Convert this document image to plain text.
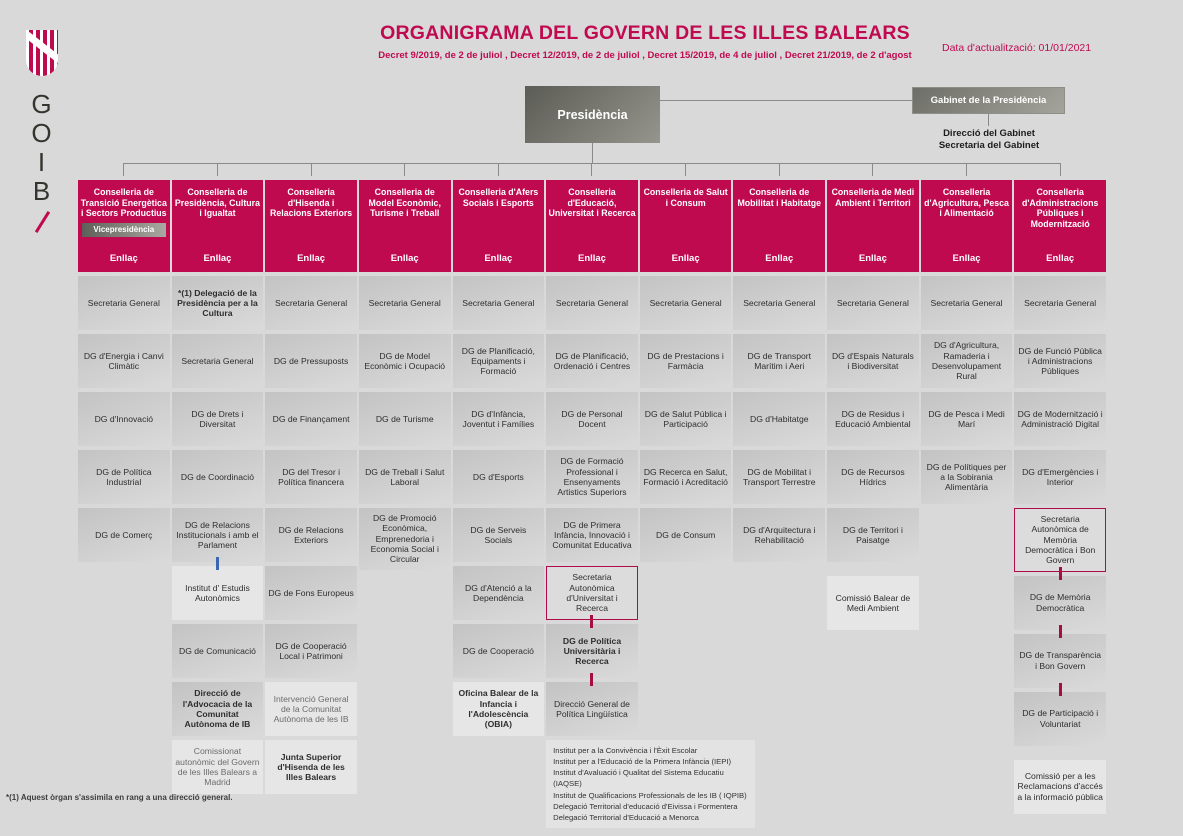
G
O
I
B
ORGANIGRAMA DEL GOVERN DE LES ILLES BALEARS
Decret 9/2019, de 2 de juliol , Decret 12/2019, de 2 de juliol , Decret 15/2019, de 4 de juliol , Decret 21/2019, de 2 d'agost
Data d'actualització: 01/01/2021
Presidència
Gabinet de la Presidència
Direcció del Gabinet
Secretaria del Gabinet
Conselleria de Transició Energètica i Sectors Productius
Vicepresidència
Enllaç
Secretaria General
DG d'Energia i Canvi Climàtic
DG d'Innovació
DG de Política Industrial
DG de Comerç
Conselleria de Presidència, Cultura i Igualtat
Enllaç
*(1) Delegació de la Presidència per a la Cultura
Secretaria General
DG de Drets i Diversitat
DG de Coordinació
DG de Relacions Institucionals i amb el Parlament
Institut d' Estudis Autonòmics
DG de Comunicació
Direcció de l'Advocacia de la Comunitat Autònoma de IB
Comissionat autonòmic del Govern de les Illes Balears a Madrid
Conselleria d'Hisenda i Relacions Exteriors
Enllaç
Secretaria General
DG de Pressuposts
DG de Finançament
DG del Tresor i Política financera
DG de Relacions Exteriors
DG de Fons Europeus
DG de Cooperació Local i Patrimoni
Intervenció General de la Comunitat Autònoma de les IB
Junta Superior d'Hisenda de les Illes Balears
Conselleria de Model Econòmic, Turisme i Treball
Enllaç
Secretaria General
DG de Model Econòmic i Ocupació
DG de Turisme
DG de Treball i Salut Laboral
DG de Promoció Econòmica, Emprenedoria i Economia Social i Circular
Conselleria d'Afers Socials i Esports
Enllaç
Secretaria General
DG de Planificació, Equipaments i Formació
DG d'Infància, Joventut i Famílies
DG d'Esports
DG de Serveis Socials
DG d'Atenció a la Dependència
DG de Cooperació
Oficina Balear de la Infancia i l'Adolescència (OBIA)
Conselleria d'Educació, Universitat i Recerca
Enllaç
Secretaria General
DG de Planificació, Ordenació i Centres
DG de Personal Docent
DG de Formació Professional i Ensenyaments Artistics Superiors
DG de Primera Infància, Innovació i Comunitat Educativa
Secretaria Autonòmica d'Universitat i Recerca
DG de Política Universitària i Recerca
Direcció General de Política Lingüística
Institut per a la Convivència i l'Èxit Escolar
Institut per a l'Educació de la Primera Infància (IEPI)
Institut d'Avaluació i Qualitat del Sistema Educatiu (IAQSE)
Institut de Qualificacions Professionals de les IB ( IQPIB)
Delegació Territorial d'educació d'Eivissa i Formentera
Delegació Territorial d'Educació a Menorca
Conselleria de Salut i Consum
Enllaç
Secretaria General
DG de Prestacions i Farmàcia
DG de Salut Pública i Participació
DG Recerca en Salut, Formació i Acreditació
DG de Consum
Conselleria de Mobilitat i Habitatge
Enllaç
Secretaria General
DG de Transport Marítim i Aeri
DG d'Habitatge
DG de Mobilitat i Transport Terrestre
DG d'Arquitectura i Rehabilitació
Conselleria de Medi Ambient i Territori
Enllaç
Secretaria General
DG d'Espais Naturals i Biodiversitat
DG de Residus i Educació Ambiental
DG de Recursos Hídrics
DG de Territori i Paisatge
Comissió Balear de Medi Ambient
Conselleria d'Agricultura, Pesca i Alimentació
Enllaç
Secretaria General
DG d'Agricultura, Ramaderia i Desenvolupament Rural
DG de Pesca i Medi Marí
DG de Polítiques per a la Sobirania Alimentària
Conselleria d'Administracions Públiques i Modernització
Enllaç
Secretaria General
DG de Funció Pública i Administracions Públiques
DG de Modernització i Administració Digital
DG d'Emergències i Interior
Secretaria Autonòmica de Memòria Democràtica i Bon Govern
DG de Memòria Democràtica
DG de Transparència i Bon Govern
DG de Participació i Voluntariat
Comissió per a les Reclamacions d'accés a la informació pública
*(1) Aquest òrgan s'assimila en rang a una direcció general.
